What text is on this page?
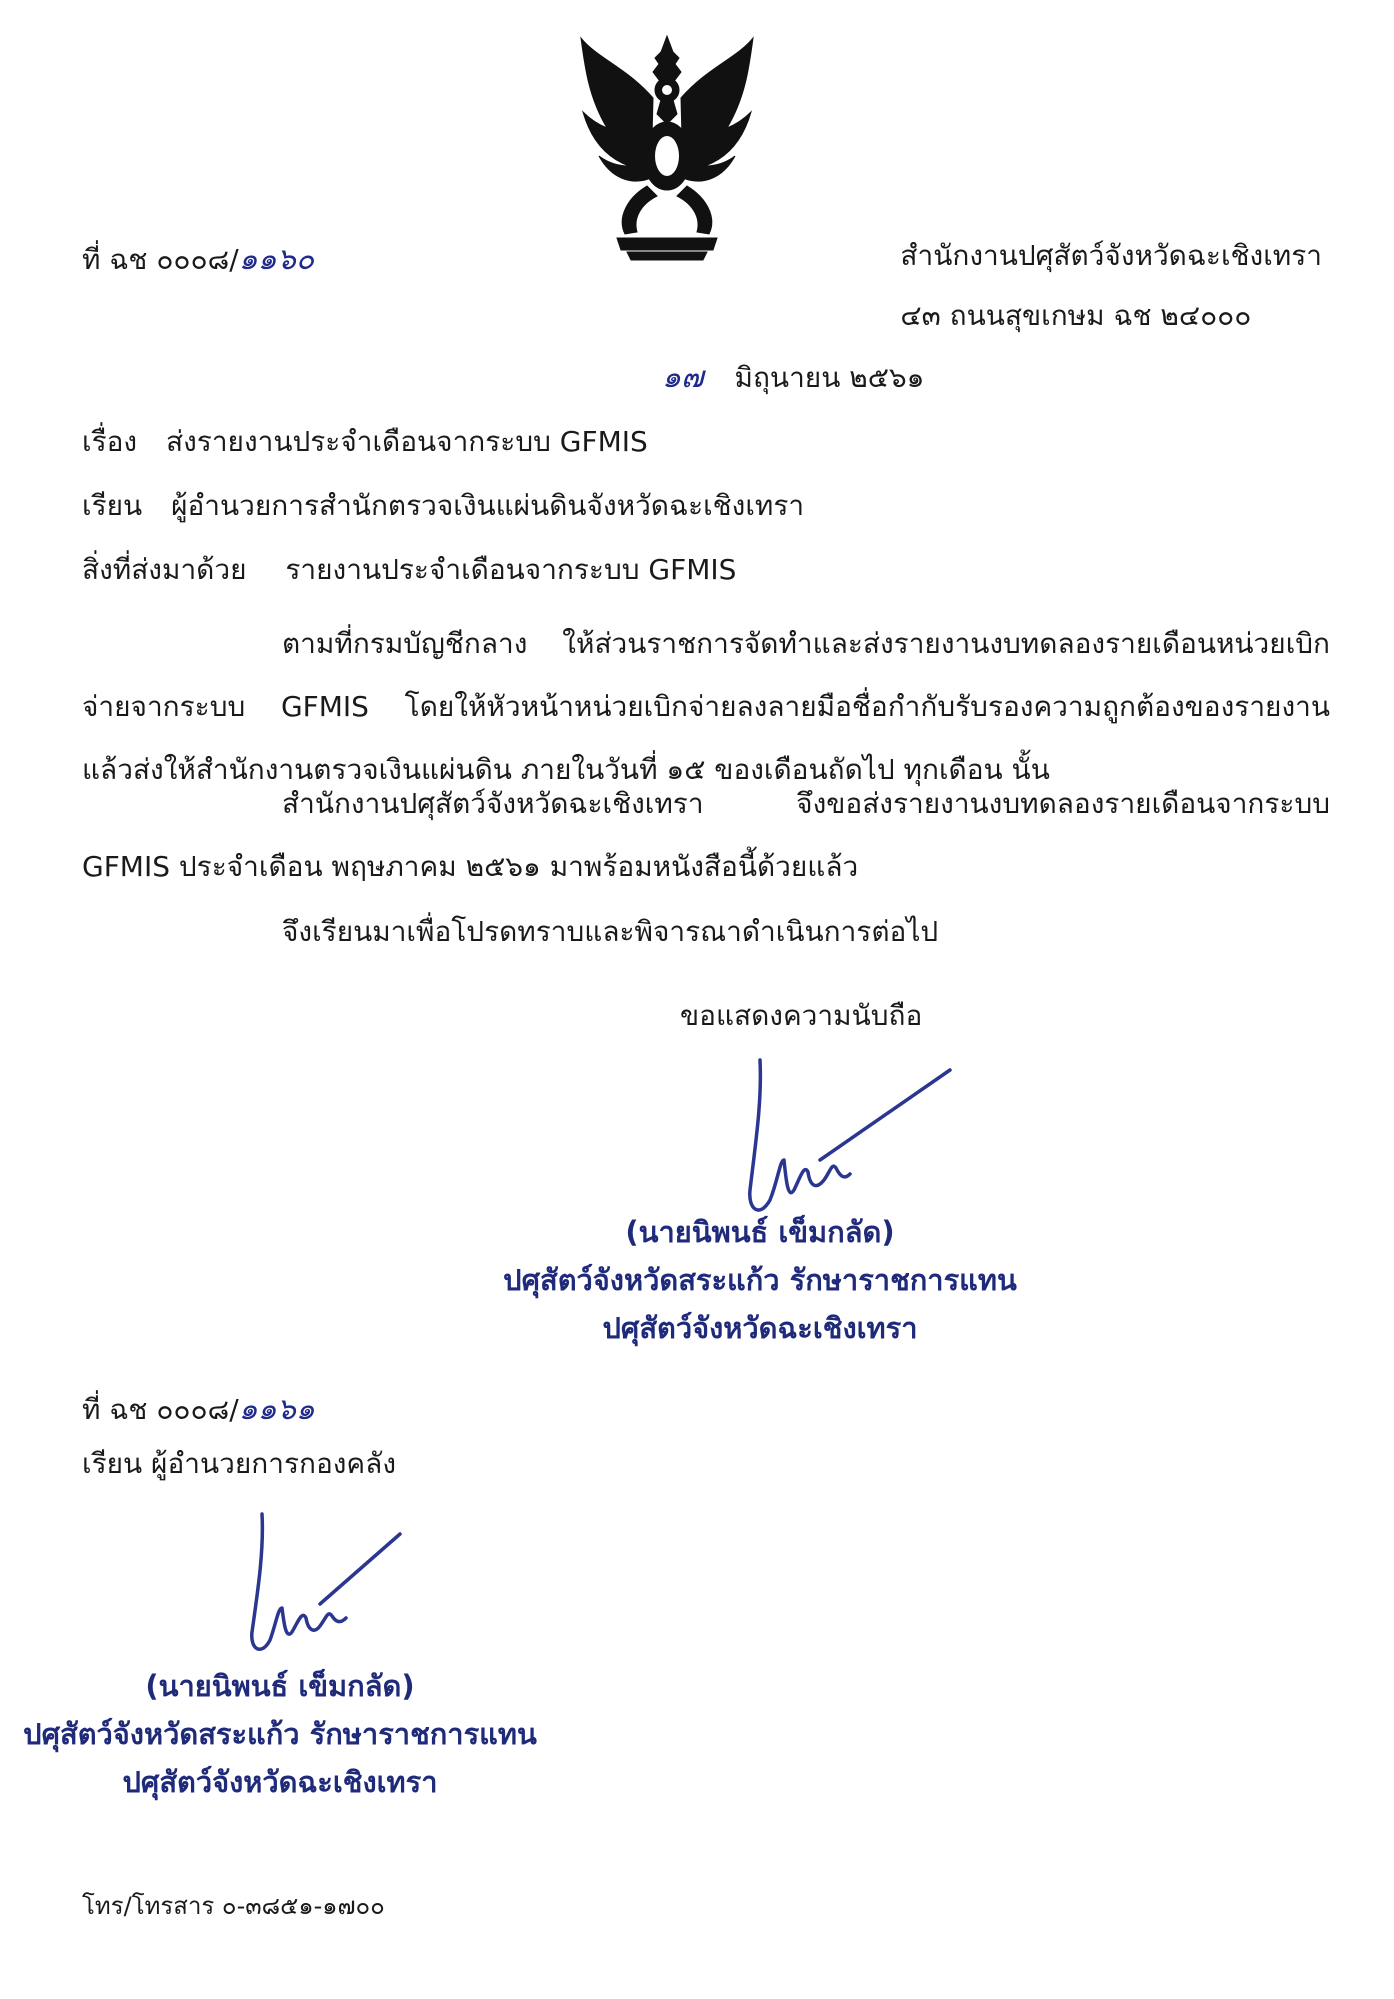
ที่ ฉช ๐๐๐๘/๑๑๖๐	สำนักงานปศุสัตว์จังหวัดฉะเชิงเทรา
๔๓ ถนนสุขเกษม ฉช ๒๔๐๐๐
๑๗ มิถุนายน ๒๕๖๑
เรื่อง ส่งรายงานประจำเดือนจากระบบ GFMIS
เรียน ผู้อำนวยการสำนักตรวจเงินแผ่นดินจังหวัดฉะเชิงเทรา
สิ่งที่ส่งมาด้วย รายงานประจำเดือนจากระบบ GFMIS
ตามที่กรมบัญชีกลาง ให้ส่วนราชการจัดทำและส่งรายงานงบทดลองรายเดือนหน่วยเบิกจ่ายจากระบบ GFMIS โดยให้หัวหน้าหน่วยเบิกจ่ายลงลายมือชื่อกำกับรับรองความถูกต้องของรายงาน แล้วส่งให้สำนักงานตรวจเงินแผ่นดิน ภายในวันที่ ๑๕ ของเดือนถัดไป ทุกเดือน นั้น
สำนักงานปศุสัตว์จังหวัดฉะเชิงเทรา จึงขอส่งรายงานงบทดลองรายเดือนจากระบบ GFMIS ประจำเดือน พฤษภาคม ๒๕๖๑ มาพร้อมหนังสือนี้ด้วยแล้ว
จึงเรียนมาเพื่อโปรดทราบและพิจารณาดำเนินการต่อไป
ขอแสดงความนับถือ
(นายนิพนธ์ เข็มกลัด)
ปศุสัตว์จังหวัดสระแก้ว รักษาราชการแทน
ปศุสัตว์จังหวัดฉะเชิงเทรา
ที่ ฉช ๐๐๐๘/๑๑๖๑
เรียน ผู้อำนวยการกองคลัง
(นายนิพนธ์ เข็มกลัด)
ปศุสัตว์จังหวัดสระแก้ว รักษาราชการแทน
ปศุสัตว์จังหวัดฉะเชิงเทรา
โทร/โทรสาร ๐-๓๘๕๑-๑๗๐๐
